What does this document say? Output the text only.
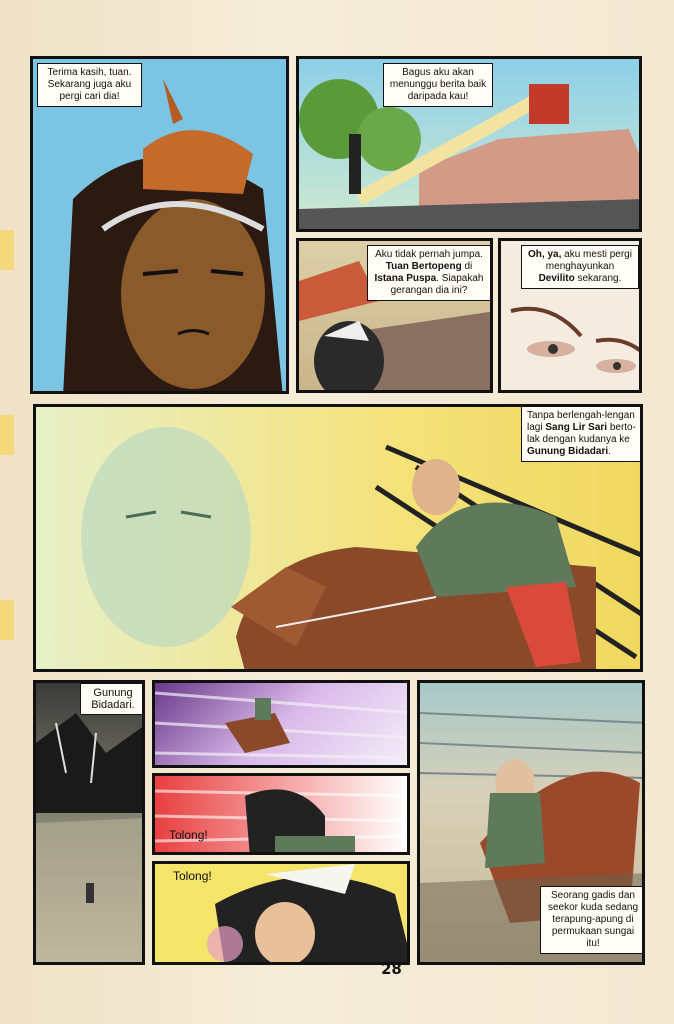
Terima kasih, tuan. Sekarang juga aku pergi cari dia!
Bagus aku akan menunggu berita baik daripada kau!
Aku tidak pernah jumpa. Tuan Bertopeng di Istana Puspa. Siapakah gerangan dia ini?
Oh, ya, aku mesti pergi menghayunkan Devilito sekarang.
Tanpa berlengah-lengan lagi Sang Lir Sari berto-lak dengan kudanya ke Gunung Bidadari.
Gunung Bidadari.
Tolong!
Tolong!
Seorang gadis dan seekor kuda sedang terapung-apung di permukaan sungai itu!
28
